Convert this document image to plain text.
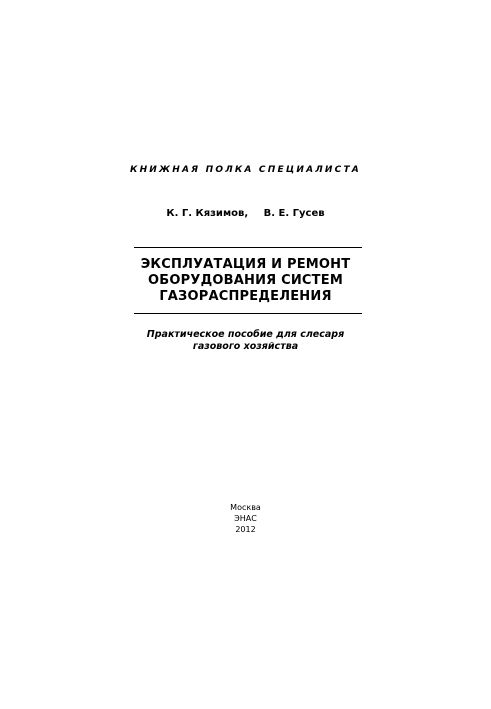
КНИЖНАЯ ПОЛКА СПЕЦИАЛИСТА
К. Г. Кязимов, В. Е. Гусев
ЭКСПЛУАТАЦИЯ И РЕМОНТ
ОБОРУДОВАНИЯ СИСТЕМ
ГАЗОРАСПРЕДЕЛЕНИЯ
Практическое пособие для слесаря
газового хозяйства
Москва
ЭНАС
2012
